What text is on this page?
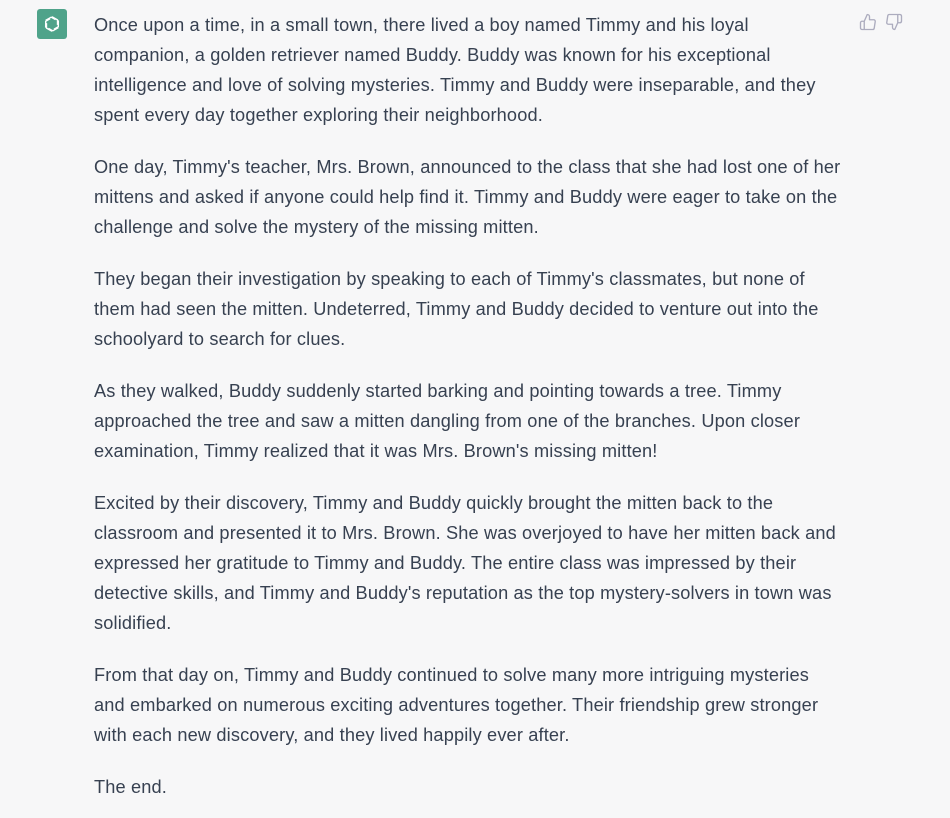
Once upon a time, in a small town, there lived a boy named Timmy and his loyal companion, a golden retriever named Buddy. Buddy was known for his exceptional intelligence and love of solving mysteries. Timmy and Buddy were inseparable, and they spent every day together exploring their neighborhood.

One day, Timmy's teacher, Mrs. Brown, announced to the class that she had lost one of her mittens and asked if anyone could help find it. Timmy and Buddy were eager to take on the challenge and solve the mystery of the missing mitten.

They began their investigation by speaking to each of Timmy's classmates, but none of them had seen the mitten. Undeterred, Timmy and Buddy decided to venture out into the schoolyard to search for clues.

As they walked, Buddy suddenly started barking and pointing towards a tree. Timmy approached the tree and saw a mitten dangling from one of the branches. Upon closer examination, Timmy realized that it was Mrs. Brown's missing mitten!

Excited by their discovery, Timmy and Buddy quickly brought the mitten back to the classroom and presented it to Mrs. Brown. She was overjoyed to have her mitten back and expressed her gratitude to Timmy and Buddy. The entire class was impressed by their detective skills, and Timmy and Buddy's reputation as the top mystery-solvers in town was solidified.

From that day on, Timmy and Buddy continued to solve many more intriguing mysteries and embarked on numerous exciting adventures together. Their friendship grew stronger with each new discovery, and they lived happily ever after.

The end.
